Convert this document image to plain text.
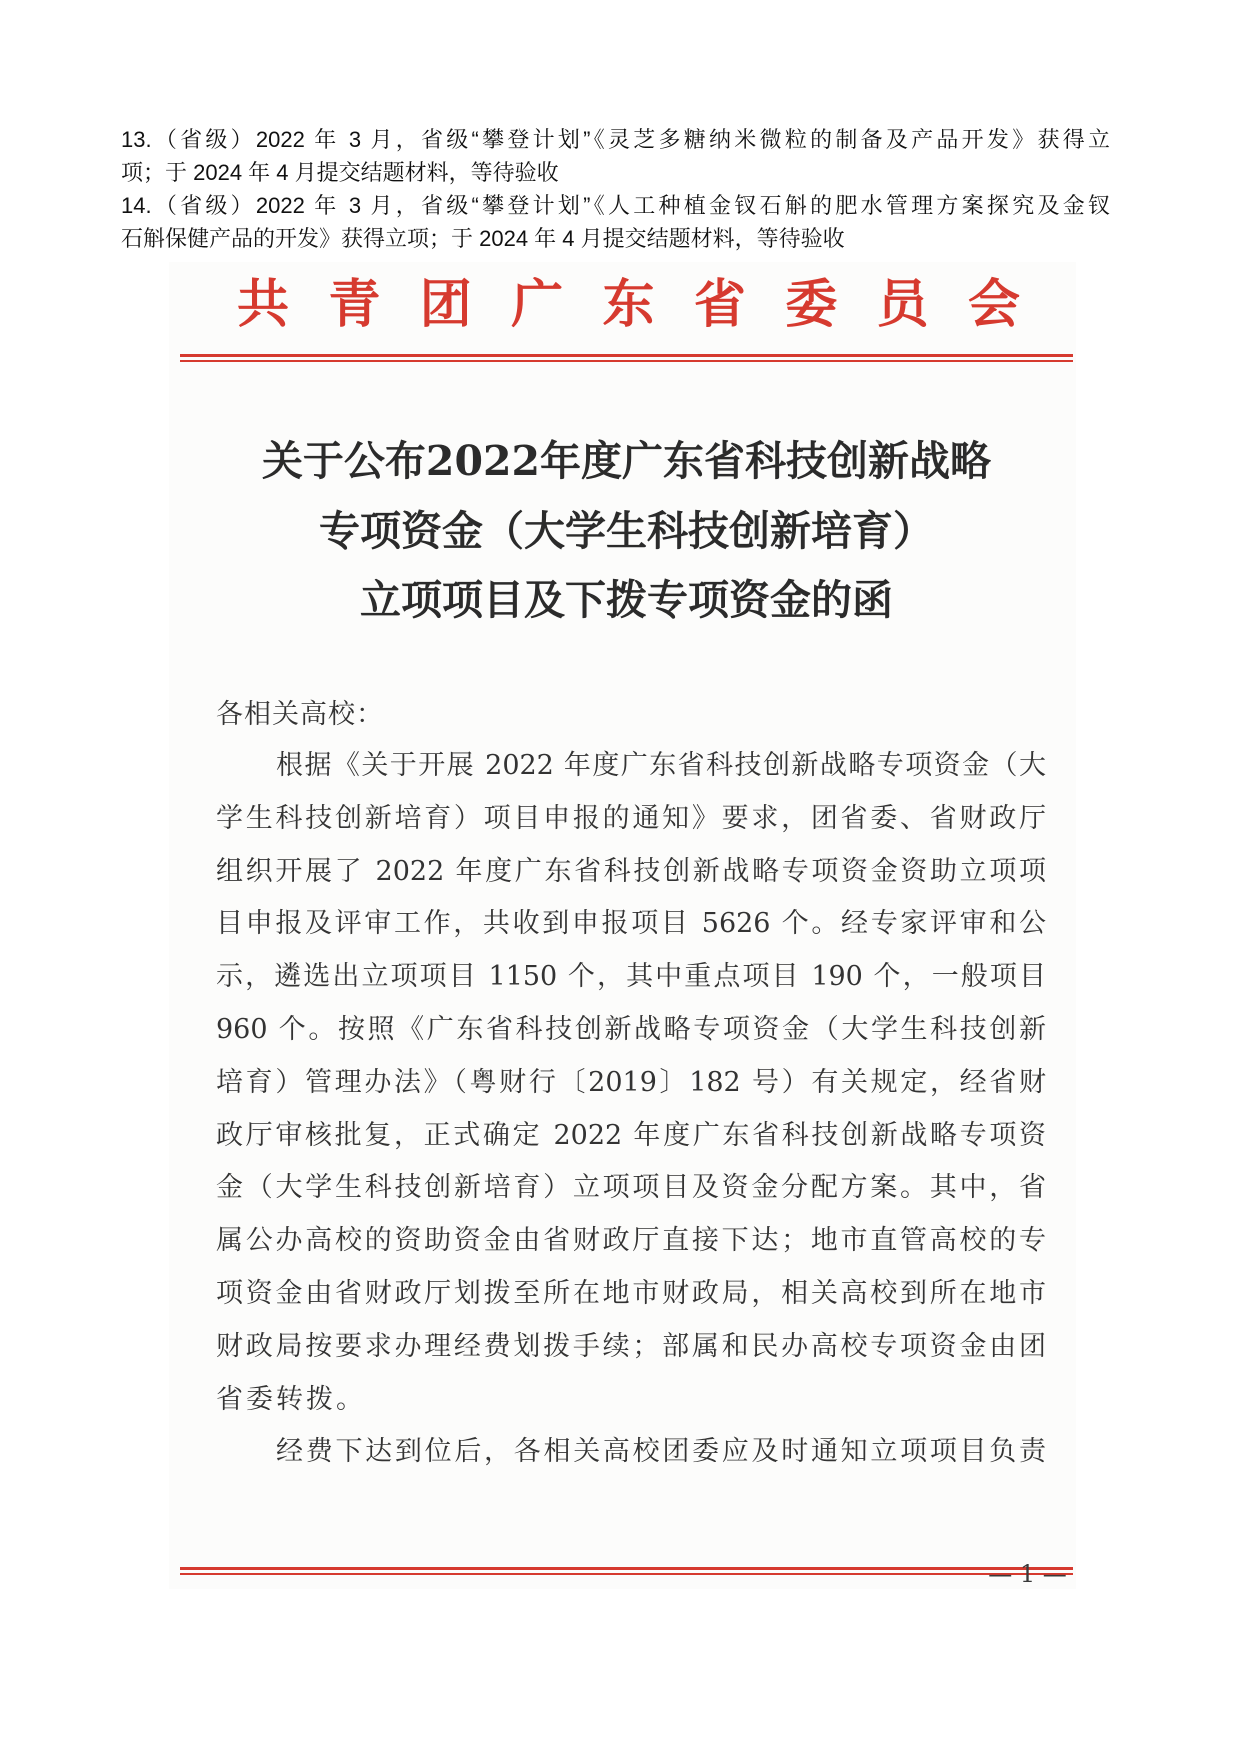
13.（省级）2022 年 3 月，省级“攀登计划”《灵芝多糖纳米微粒的制备及产品开发》获得立
项；于 2024 年 4 月提交结题材料，等待验收
14.（省级）2022 年 3 月，省级“攀登计划”《人工种植金钗石斛的肥水管理方案探究及金钗
石斛保健产品的开发》获得立项；于 2024 年 4 月提交结题材料，等待验收
共青团广东省委员会
关于公布2022年度广东省科技创新战略
专项资金（大学生科技创新培育）
立项项目及下拨专项资金的函
各相关高校：
根据《关于开展 2022 年度广东省科技创新战略专项资金（大
学生科技创新培育）项目申报的通知》要求，团省委、省财政厅
组织开展了 2022 年度广东省科技创新战略专项资金资助立项项
目申报及评审工作，共收到申报项目 5626 个。经专家评审和公
示，遴选出立项项目 1150 个，其中重点项目 190 个，一般项目
960 个。按照《广东省科技创新战略专项资金（大学生科技创新
培育）管理办法》（粤财行〔2019〕182 号）有关规定，经省财
政厅审核批复，正式确定 2022 年度广东省科技创新战略专项资
金（大学生科技创新培育）立项项目及资金分配方案。其中，省
属公办高校的资助资金由省财政厅直接下达；地市直管高校的专
项资金由省财政厅划拨至所在地市财政局，相关高校到所在地市
财政局按要求办理经费划拨手续；部属和民办高校专项资金由团
省委转拨。
经费下达到位后，各相关高校团委应及时通知立项项目负责
— 1 —
